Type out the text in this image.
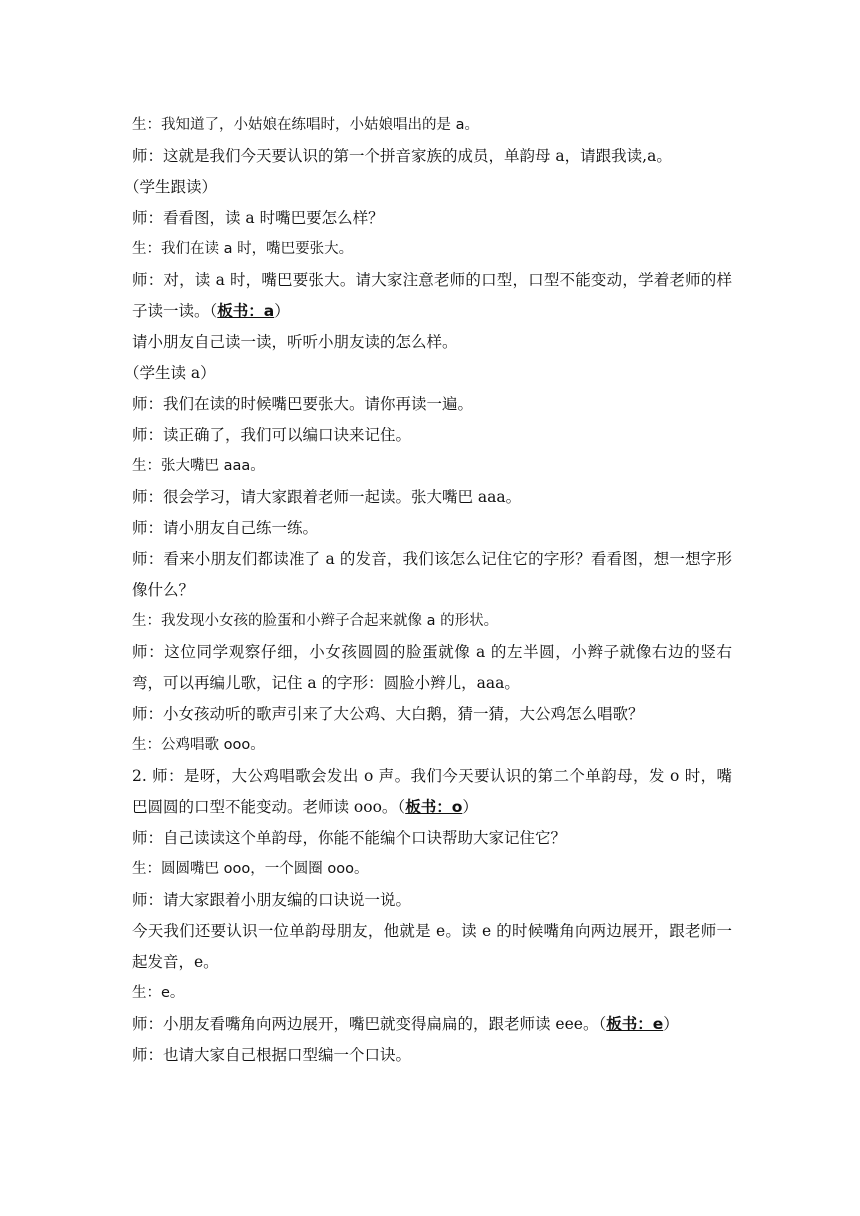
生：我知道了，小姑娘在练唱时，小姑娘唱出的是 a。

师：这就是我们今天要认识的第一个拼音家族的成员，单韵母 a，请跟我读,a。

（学生跟读）

师：看看图，读 a 时嘴巴要怎么样？

生：我们在读 a 时，嘴巴要张大。

师：对，读 a 时，嘴巴要张大。请大家注意老师的口型，口型不能变动，学着老师的样子读一读。（板书：a）

请小朋友自己读一读，听听小朋友读的怎么样。

（学生读 a）

师：我们在读的时候嘴巴要张大。请你再读一遍。

师：读正确了，我们可以编口诀来记住。

生：张大嘴巴 aaa。

师：很会学习，请大家跟着老师一起读。张大嘴巴 aaa。

师：请小朋友自己练一练。

师：看来小朋友们都读准了 a 的发音，我们该怎么记住它的字形？看看图，想一想字形像什么？

生：我发现小女孩的脸蛋和小辫子合起来就像 a 的形状。

师：这位同学观察仔细，小女孩圆圆的脸蛋就像 a 的左半圆，小辫子就像右边的竖右弯，可以再编儿歌，记住 a 的字形：圆脸小辫儿，aaa。

师：小女孩动听的歌声引来了大公鸡、大白鹅，猜一猜，大公鸡怎么唱歌？

生：公鸡唱歌 ooo。

2. 师：是呀，大公鸡唱歌会发出 o 声。我们今天要认识的第二个单韵母，发 o 时，嘴巴圆圆的口型不能变动。老师读 ooo。（板书：o）

师：自己读读这个单韵母，你能不能编个口诀帮助大家记住它？

生：圆圆嘴巴 ooo，一个圆圈 ooo。

师：请大家跟着小朋友编的口诀说一说。

今天我们还要认识一位单韵母朋友，他就是 e。读 e 的时候嘴角向两边展开，跟老师一起发音，e。

生：e。

师：小朋友看嘴角向两边展开，嘴巴就变得扁扁的，跟老师读 eee。（板书：e）

师：也请大家自己根据口型编一个口诀。
